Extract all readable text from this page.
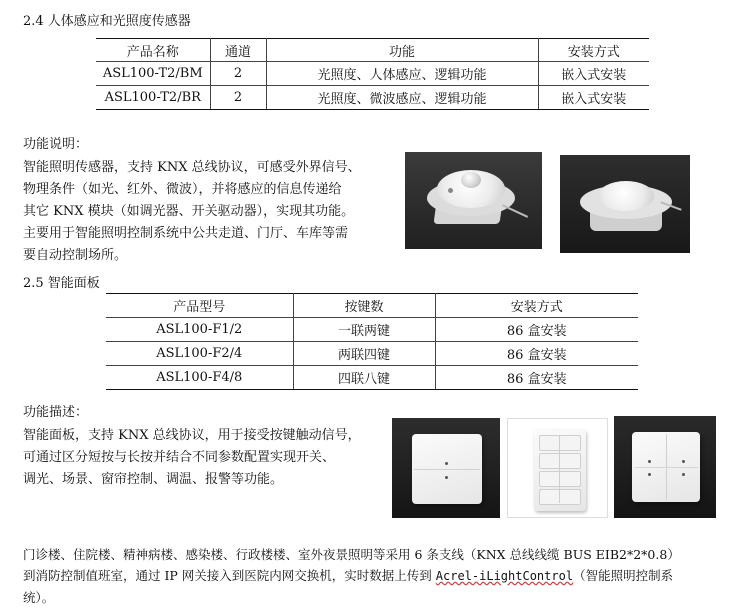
2.4 人体感应和光照度传感器
产品名称	通道	功能	安装方式
ASL100-T2/BM	2	光照度、人体感应、逻辑功能	嵌入式安装
ASL100-T2/BR	2	光照度、微波感应、逻辑功能	嵌入式安装
功能说明：
智能照明传感器，支持 KNX 总线协议，可感受外界信号、
物理条件（如光、红外、微波），并将感应的信息传递给
其它 KNX 模块（如调光器、开关驱动器），实现其功能。
主要用于智能照明控制系统中公共走道、门厅、车库等需
要自动控制场所。
2.5 智能面板
产品型号	按键数	安装方式
ASL100-F1/2	一联两键	86 盒安装
ASL100-F2/4	两联四键	86 盒安装
ASL100-F4/8	四联八键	86 盒安装
功能描述：
智能面板，支持 KNX 总线协议，用于接受按键触动信号，
可通过区分短按与长按并结合不同参数配置实现开关、
调光、场景、窗帘控制、调温、报警等功能。
门诊楼、住院楼、精神病楼、感染楼、行政楼楼、室外夜景照明等采用 6 条支线（KNX 总线线缆 BUS EIB2*2*0.8）
到消防控制值班室，通过 IP 网关接入到医院内网交换机，实时数据上传到 Acrel-iLightControl（智能照明控制系
统）。
